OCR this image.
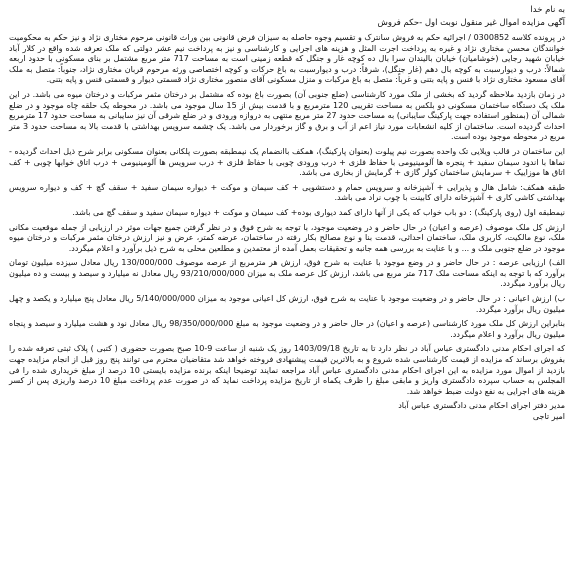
به نام خدا
آگهی مزایده اموال غیر منقول نوبت اول -حکم فروش

در پرونده کلاسه 0300852 / اجرائیه حکم به فروش سانترک و تقسیم وجوه حاصله به سیزان فرض قانونی بین وراث قانونی مرحوم مختاری نژاد و نیز حکم به محکومیت خوانندگان محسن مختاری نژاد و غیره به پرداخت اجرت المثل و هزینه های اجرایی و کارشناسی و نیز به پرداخت نیم عشر دولتی که ملک تعرفه شده واقع در کلار آباد خیابان شهید رجایی (خوشامیان) خیابان بالیندان سرا بال ده کوچه غار و جنگل که قطعه زمینی است به مساحت 717 متر مربع مشتمل بر بنای مسکونی با حدود اربعه شمالاً: درب و دیوارسبت به کوچه بال دهم (غار جنگل)، شرقاً: درب و دیوارسبت به باغ حرکات و کوچه اختصاصی ورثه مرحوم قربان مختاری نژاد، جنوباً: متصل به ملک آقای مسعود مختاری نژاد با فنس و پایه بتنی و غرباً: متصل به باغ مرکبات و منزل مسکونی آقای منصور مختاری نژاد قسمتی دیوار و قسمتی فنس و پایه بتنی.

در زمان بازدید ملاحظه گردید که بخشی از ملک مورد کارشناسی (ضلع جنوبی آن) بصورت باغ بوده که مشتمل بر درختان مثمر مرکبات و درختان میوه می باشد. در این ملک یک دستگاه ساختمان مسکونی دو بلکس به مساحت تقریبی 120 مترمربع و با قدمت بیش از 15 سال موجود می باشد. در محوطه یک حلقه چاه موجود و در ضلع شمالی آن (بمنظور استفاده جهت پارکینگ سایبانی) به مساحت حدود 27 متر مربع منتهی به دروازه ورودی و در ضلع شرقی آن نیز سایبانی به مساحت حدود 17 مترمربع احداث گردیده است. ساختمان از کلیه انشعابات مورد نیاز اعم از آب و برق و گاز برخوردار می باشد. یک چشمه سرویس بهداشتی با قدمت بالا به مساحت حدود 3 متر مربع در محوطه موجود بوده است.

این ساختمان در قالب ویلایی تک واحده بصورت نیم پیلوت (بعنوان پارکینگ)، همکف باانضمام یک نیمطبقه بصورت پلکانی بعنوان مسکونی برابر شرح ذیل احداث گردیده - نماها با اندود سیمان سفید + پنجره ها آلومینیومی با حفاظ فلزی + درب ورودی چوبی با حفاظ فلزی + درب سرویس ها آلومینیومی + درب اتاق خوابها چوبی + کف اتاق ها موزاییک + سرمایش ساختمان کولر گازی + گرمایش از بخاری می باشد.

طبقه همکف: شامل هال و پذیرایی + آشپزخانه و سرویس حمام و دستشویی + کف سیمان و موکت + دیواره سیمان سفید + سقف گچ + کف و دیواره سرویس بهداشتی کاشی کاری + آشپزخانه دارای کابینت با چوب نراد می باشد.

نیمطبقه اول (روی پارکینگ) : دو باب خواب که یکی از آنها دارای کمد دیواری بوده+ کف سیمان و موکت + دیواره سیمان سفید و سقف گچ می باشد.

ارزش کل ملک موصوف (عرصه و اعیان) در حال حاضر و در وضعیت موجود، با توجه به شرح فوق و در نظر گرفتن جمیع جهات موثر در ارزیابی از جمله موقعیت مکانی ملک، نوع مالکیت، کاربری ملک، ساختمان احداثی، قدمت بنا و نوع مصالح بکار رفته در ساختمان، عرضه کمتر، عرض و نیز ارزش درختان مثمر مرکبات و درختان میوه موجود در ضلع جنوبی ملک و ... و با عنایت به بررسی همه جانبه و تحقیقات بعمل آمده از معتمدین و مطلعین محلی به شرح ذیل برآورد و اعلام میگردد.

الف) ارزیابی عرصه : در حال حاضر و در وضع موجود با عنایت به شرح فوق، ارزش هر مترمربع از عرصه موصوف 130/000/000 ریال معادل سیزده میلیون تومان برآورد که با توجه به اینکه مساحت ملک 717 متر مربع می باشد، ارزش کل عرصه ملک به میزان 93/210/000/000 ریال معادل نه میلیارد و سیصد و بیست و ده میلیون ریال برآورد میگردد.

ب) ارزش اعیانی : در حال حاضر و در وضعیت موجود با عنایت به شرح فوق، ارزش کل اعیانی موجود به میزان 5/140/000/000 ریال معادل پنج میلیارد و یکصد و چهل میلیون ریال برآورد میگردد.

بنابراین ارزش کل ملک مورد کارشناسی (عرصه و اعیان) در حال حاضر و در وضعیت موجود به مبلغ 98/350/000/000 ریال معادل نود و هشت میلیارد و سیصد و پنجاه میلیون ریال برآورد و اعلام میگردد.

که اجرای احکام مدنی دادگستری عباس آباد در نظر دارد تا به تاریخ 1403/09/18 روز یک شنبه از ساعت 9-10 صبح بصورت حضوری ( کتبی ) پلاک ثبتی تعرفه شده را بفروش برساند که مزایده از قیمت کارشناسی شده شروع و به بالاترین قیمت پیشنهادی فروخته خواهد شد متقاضیان محترم می توانند پنج روز قبل از انجام مزایده جهت بازدید از اموال مورد مزایده به این اجرای احکام مدنی دادگستری عباس آباد مراجعه نمایند توضیحا اینکه برنده مزایده بایستی 10 درصد از مبلغ خریداری شده را فی المجلس به حساب سپرده دادگستری واریز و مابقی مبلغ را ظرف یکماه از تاریخ مزایده پرداخت نماید که در صورت عدم پرداخت مبلغ 10 درصد واریزی پس از کسر هزینه های اجرایی به نفع دولت ضبط خواهد شد.

مدیر دفتر اجرای احکام مدنی دادگستری عباس آباد
امیر تاجی
